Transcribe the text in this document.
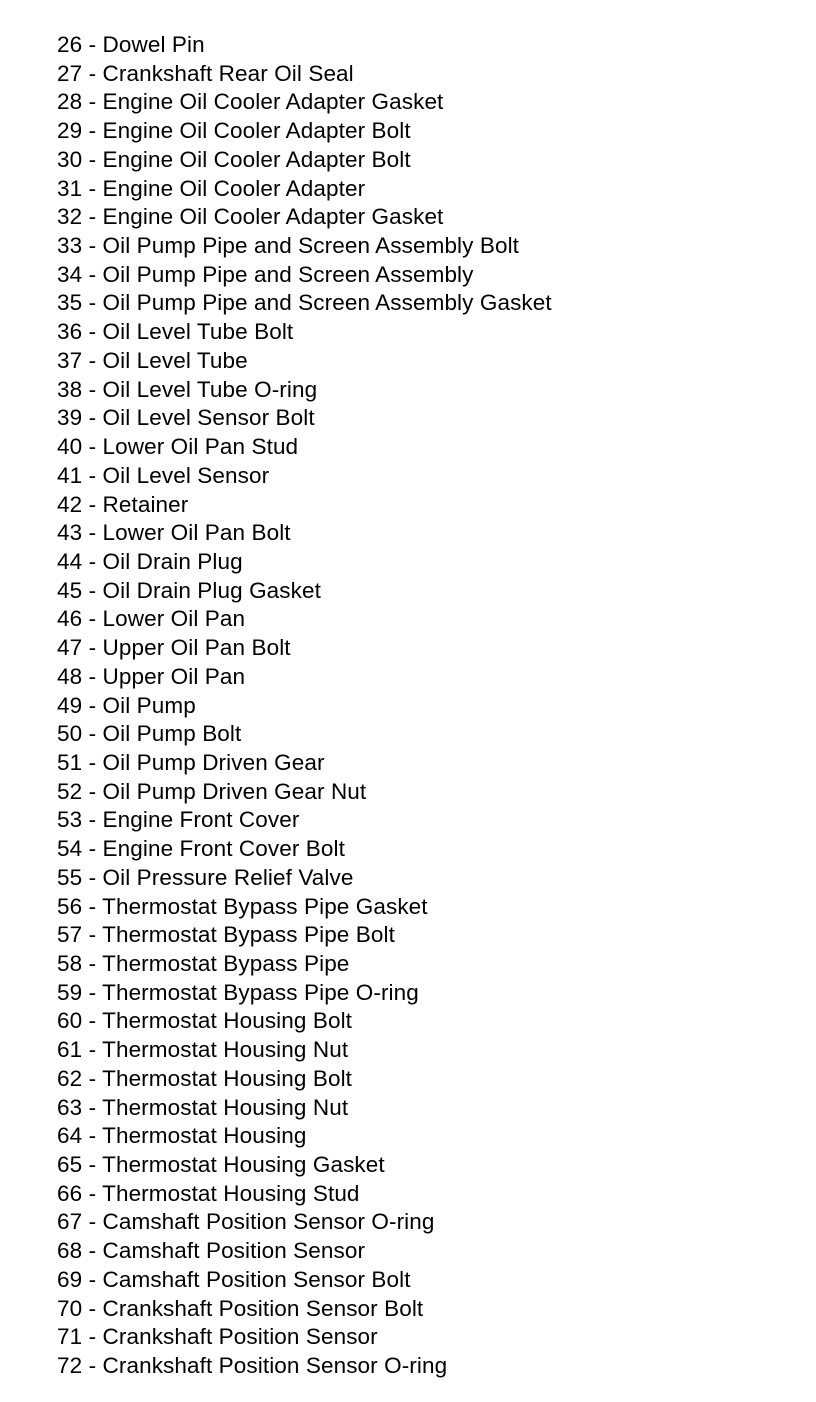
26 - Dowel Pin
27 - Crankshaft Rear Oil Seal
28 - Engine Oil Cooler Adapter Gasket
29 - Engine Oil Cooler Adapter Bolt
30 - Engine Oil Cooler Adapter Bolt
31 - Engine Oil Cooler Adapter
32 - Engine Oil Cooler Adapter Gasket
33 - Oil Pump Pipe and Screen Assembly Bolt
34 - Oil Pump Pipe and Screen Assembly
35 - Oil Pump Pipe and Screen Assembly Gasket
36 - Oil Level Tube Bolt
37 - Oil Level Tube
38 - Oil Level Tube O-ring
39 - Oil Level Sensor Bolt
40 - Lower Oil Pan Stud
41 - Oil Level Sensor
42 - Retainer
43 - Lower Oil Pan Bolt
44 - Oil Drain Plug
45 - Oil Drain Plug Gasket
46 - Lower Oil Pan
47 - Upper Oil Pan Bolt
48 - Upper Oil Pan
49 - Oil Pump
50 - Oil Pump Bolt
51 - Oil Pump Driven Gear
52 - Oil Pump Driven Gear Nut
53 - Engine Front Cover
54 - Engine Front Cover Bolt
55 - Oil Pressure Relief Valve
56 - Thermostat Bypass Pipe Gasket
57 - Thermostat Bypass Pipe Bolt
58 - Thermostat Bypass Pipe
59 - Thermostat Bypass Pipe O-ring
60 - Thermostat Housing Bolt
61 - Thermostat Housing Nut
62 - Thermostat Housing Bolt
63 - Thermostat Housing Nut
64 - Thermostat Housing
65 - Thermostat Housing Gasket
66 - Thermostat Housing Stud
67 - Camshaft Position Sensor O-ring
68 - Camshaft Position Sensor
69 - Camshaft Position Sensor Bolt
70 - Crankshaft Position Sensor Bolt
71 - Crankshaft Position Sensor
72 - Crankshaft Position Sensor O-ring
